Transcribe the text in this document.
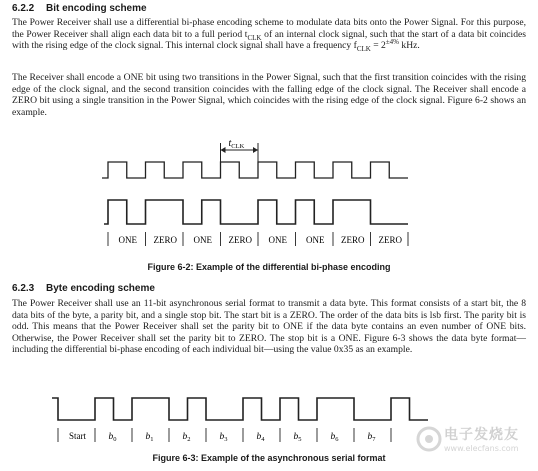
6.2.2 Bit encoding scheme

The Power Receiver shall use a differential bi-phase encoding scheme to modulate data bits onto the Power Signal. For this purpose, the Power Receiver shall align each data bit to a full period $t_{CLK}$ of an internal clock signal, such that the start of a data bit coincides with the rising edge of the clock signal. This internal clock signal shall have a frequency $f_{CLK} = 2^{\pm 4\%}$ kHz.

The Receiver shall encode a ONE bit using two transitions in the Power Signal, such that the first transition coincides with the rising edge of the clock signal, and the second transition coincides with the falling edge of the clock signal. The Receiver shall encode a ZERO bit using a single transition in the Power Signal, which coincides with the rising edge of the clock signal. Figure 6-2 shows an example.

$t_{CLK}$
ONE ZERO ONE ZERO ONE ONE ZERO ZERO
Figure 6-2: Example of the differential bi-phase encoding
6.2.3 Byte encoding scheme

The Power Receiver shall use an 11-bit asynchronous serial format to transmit a data byte. This format consists of a start bit, the 8 data bits of the byte, a parity bit, and a single stop bit. The start bit is a ZERO. The order of the data bits is lsb first. The parity bit is odd. This means that the Power Receiver shall set the parity bit to ONE if the data byte contains an even number of ONE bits. Otherwise, the Power Receiver shall set the parity bit to ZERO. The stop bit is a ONE. Figure 6-3 shows the data byte format—including the differential bi-phase encoding of each individual bit—using the value 0x35 as an example.

Start $b_0$	$b_1$	$b_2$	$b_3$	$b_4$	$b_5$	$b_6$	$b_7$
Figure 6-3: Example of the asynchronous serial format
电子发烧友
www.elecfans.com
